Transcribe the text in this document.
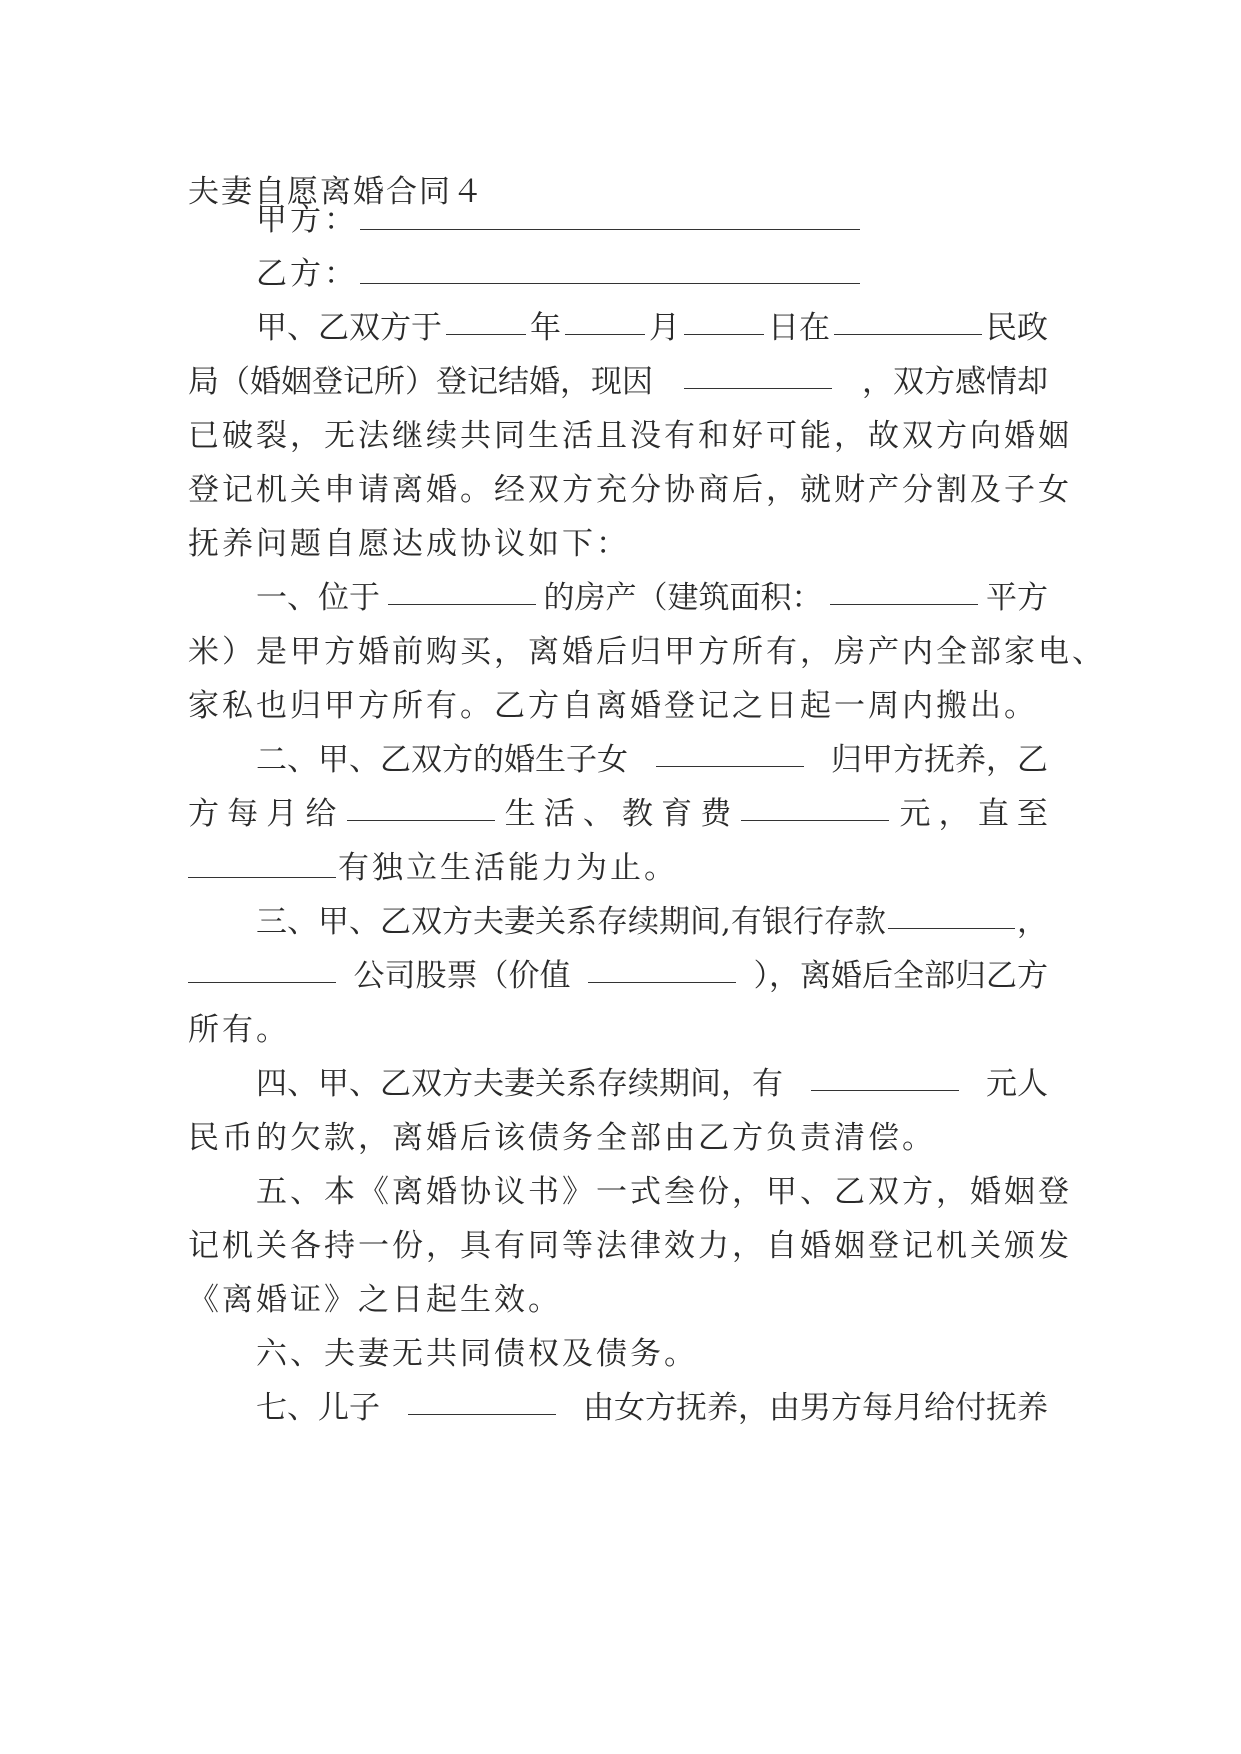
夫妻自愿离婚合同４
甲方：
乙方：
甲、乙双方于	年	月	日在	民政
局（婚姻登记所）登记结婚，现因	，双方感情却
已破裂，无法继续共同生活且没有和好可能，故双方向婚姻
登记机关申请离婚。经双方充分协商后，就财产分割及子女
抚养问题自愿达成协议如下：
一、位于	的房产（建筑面积：	平方
米）是甲方婚前购买，离婚后归甲方所有，房产内全部家电、
家私也归甲方所有。乙方自离婚登记之日起一周内搬出。
二、甲、乙双方的婚生子女	归甲方抚养，乙
方 每 月 给	生 活 、 教 育 费	元 ， 直 至
有独立生活能力为止。
三、甲、乙双方夫妻关系存续期间,有银行存款	，
公司股票（价值	），离婚后全部归乙方
所有。
四、甲、乙双方夫妻关系存续期间，有	元人
民币的欠款，离婚后该债务全部由乙方负责清偿。
五、本《离婚协议书》一式叁份，甲、乙双方，婚姻登
记机关各持一份，具有同等法律效力，自婚姻登记机关颁发
《离婚证》之日起生效。
六、夫妻无共同债权及债务。
七、儿子	由女方抚养，由男方每月给付抚养
